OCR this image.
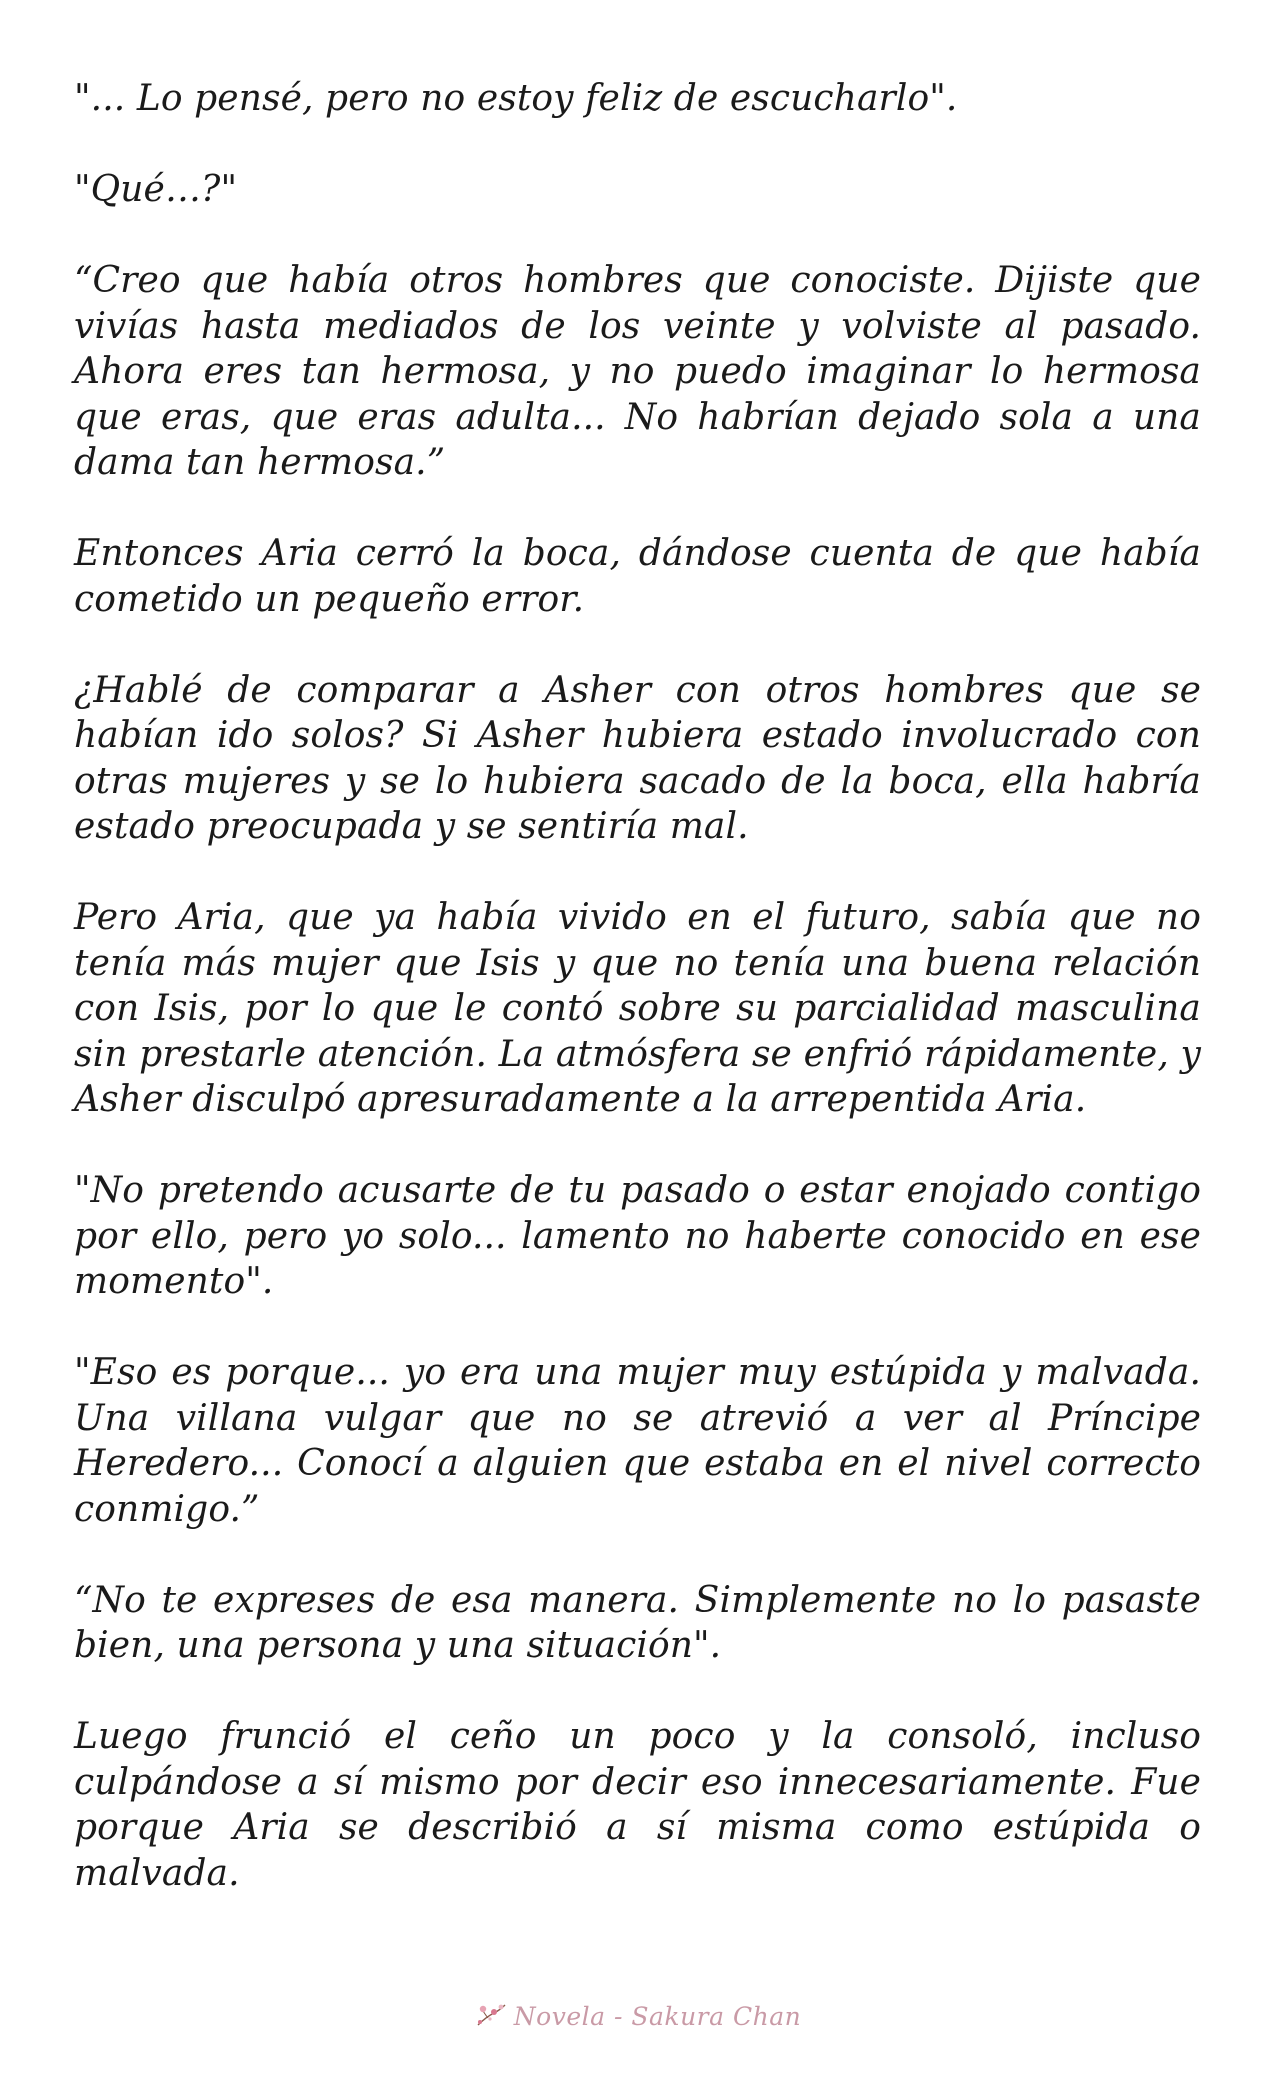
"... Lo pensé, pero no estoy feliz de escucharlo".

"Qué…?"

“Creo que había otros hombres que conociste. Dijiste que vivías hasta mediados de los veinte y volviste al pasado. Ahora eres tan hermosa, y no puedo imaginar lo hermosa que eras, que eras adulta... No habrían dejado sola a una dama tan hermosa.”

Entonces Aria cerró la boca, dándose cuenta de que había cometido un pequeño error.

¿Hablé de comparar a Asher con otros hombres que se habían ido solos? Si Asher hubiera estado involucrado con otras mujeres y se lo hubiera sacado de la boca, ella habría estado preocupada y se sentiría mal.

Pero Aria, que ya había vivido en el futuro, sabía que no tenía más mujer que Isis y que no tenía una buena relación con Isis, por lo que le contó sobre su parcialidad masculina sin prestarle atención. La atmósfera se enfrió rápidamente, y Asher disculpó apresuradamente a la arrepentida Aria.

"No pretendo acusarte de tu pasado o estar enojado contigo por ello, pero yo solo... lamento no haberte conocido en ese momento".

"Eso es porque... yo era una mujer muy estúpida y malvada. Una villana vulgar que no se atrevió a ver al Príncipe Heredero... Conocí a alguien que estaba en el nivel correcto conmigo.”

“No te expreses de esa manera. Simplemente no lo pasaste bien, una persona y una situación".

Luego frunció el ceño un poco y la consoló, incluso culpándose a sí mismo por decir eso innecesariamente. Fue porque Aria se describió a sí misma como estúpida o malvada.

Novela - Sakura Chan
